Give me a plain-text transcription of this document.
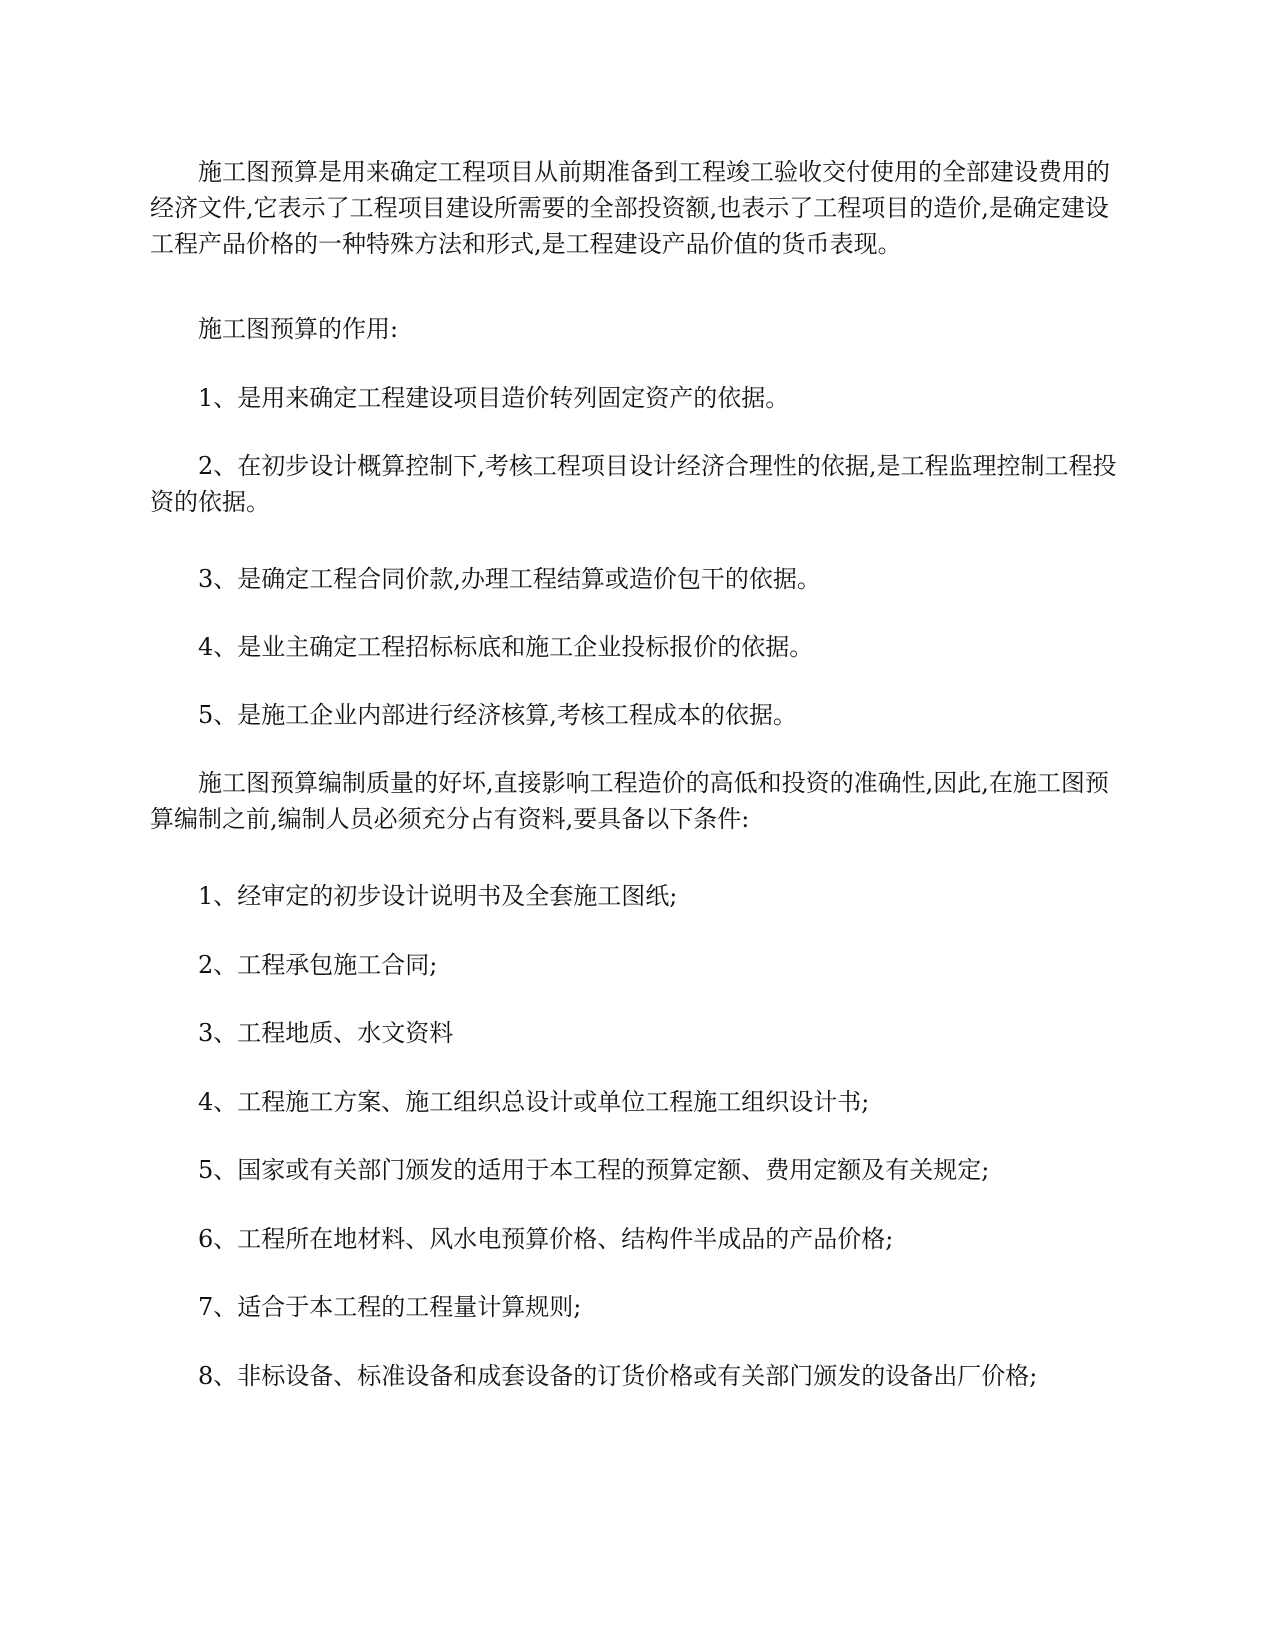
施工图预算是用来确定工程项目从前期准备到工程竣工验收交付使用的全部建设费用的经济文件,它表示了工程项目建设所需要的全部投资额,也表示了工程项目的造价,是确定建设工程产品价格的一种特殊方法和形式,是工程建设产品价值的货币表现。

施工图预算的作用:

1、是用来确定工程建设项目造价转列固定资产的依据。

2、在初步设计概算控制下,考核工程项目设计经济合理性的依据,是工程监理控制工程投资的依据。

3、是确定工程合同价款,办理工程结算或造价包干的依据。

4、是业主确定工程招标标底和施工企业投标报价的依据。

5、是施工企业内部进行经济核算,考核工程成本的依据。

施工图预算编制质量的好坏,直接影响工程造价的高低和投资的准确性,因此,在施工图预算编制之前,编制人员必须充分占有资料,要具备以下条件:

1、经审定的初步设计说明书及全套施工图纸;

2、工程承包施工合同;

3、工程地质、水文资料

4、工程施工方案、施工组织总设计或单位工程施工组织设计书;

5、国家或有关部门颁发的适用于本工程的预算定额、费用定额及有关规定;

6、工程所在地材料、风水电预算价格、结构件半成品的产品价格;

7、适合于本工程的工程量计算规则;

8、非标设备、标准设备和成套设备的订货价格或有关部门颁发的设备出厂价格;
